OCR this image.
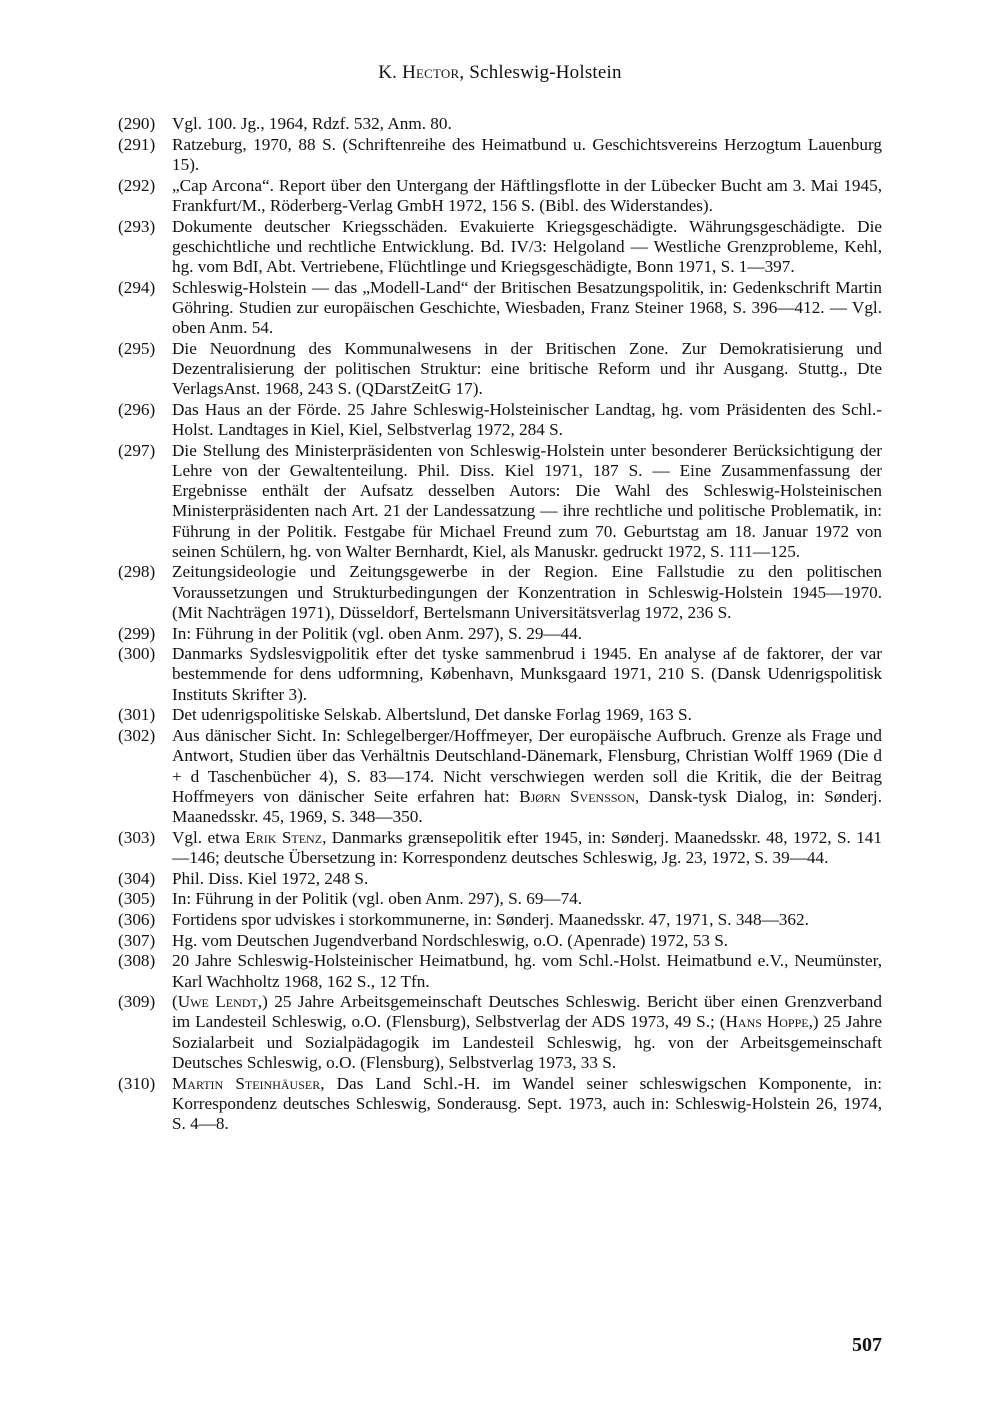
K. Hector, Schleswig-Holstein
(290) Vgl. 100. Jg., 1964, Rdzf. 532, Anm. 80.
(291) Ratzeburg, 1970, 88 S. (Schriftenreihe des Heimatbund u. Geschichtsvereins Herzogtum Lauenburg 15).
(292) „Cap Arcona“. Report über den Untergang der Häftlingsflotte in der Lübecker Bucht am 3. Mai 1945, Frankfurt/M., Röderberg-Verlag GmbH 1972, 156 S. (Bibl. des Widerstandes).
(293) Dokumente deutscher Kriegsschäden. Evakuierte Kriegsgeschädigte. Währungsgeschädigte. Die geschichtliche und rechtliche Entwicklung. Bd. IV/3: Helgoland — Westliche Grenzprobleme, Kehl, hg. vom BdI, Abt. Vertriebene, Flüchtlinge und Kriegsgeschädigte, Bonn 1971, S. 1—397.
(294) Schleswig-Holstein — das „Modell-Land“ der Britischen Besatzungspolitik, in: Gedenkschrift Martin Göhring. Studien zur europäischen Geschichte, Wiesbaden, Franz Steiner 1968, S. 396—412. — Vgl. oben Anm. 54.
(295) Die Neuordnung des Kommunalwesens in der Britischen Zone. Zur Demokratisierung und Dezentralisierung der politischen Struktur: eine britische Reform und ihr Ausgang. Stuttg., Dte VerlagsAnst. 1968, 243 S. (QDarstZeitG 17).
(296) Das Haus an der Förde. 25 Jahre Schleswig-Holsteinischer Landtag, hg. vom Präsidenten des Schl.-Holst. Landtages in Kiel, Kiel, Selbstverlag 1972, 284 S.
(297) Die Stellung des Ministerpräsidenten von Schleswig-Holstein unter besonderer Berücksichtigung der Lehre von der Gewaltenteilung. Phil. Diss. Kiel 1971, 187 S. — Eine Zusammenfassung der Ergebnisse enthält der Aufsatz desselben Autors: Die Wahl des Schleswig-Holsteinischen Ministerpräsidenten nach Art. 21 der Landessatzung — ihre rechtliche und politische Problematik, in: Führung in der Politik. Festgabe für Michael Freund zum 70. Geburtstag am 18. Januar 1972 von seinen Schülern, hg. von Walter Bernhardt, Kiel, als Manuskr. gedruckt 1972, S. 111—125.
(298) Zeitungsideologie und Zeitungsgewerbe in der Region. Eine Fallstudie zu den politischen Voraussetzungen und Strukturbedingungen der Konzentration in Schleswig-Holstein 1945—1970. (Mit Nachträgen 1971), Düsseldorf, Bertelsmann Universitätsverlag 1972, 236 S.
(299) In: Führung in der Politik (vgl. oben Anm. 297), S. 29—44.
(300) Danmarks Sydslesvigpolitik efter det tyske sammenbrud i 1945. En analyse af de faktorer, der var bestemmende for dens udformning, København, Munksgaard 1971, 210 S. (Dansk Udenrigspolitisk Instituts Skrifter 3).
(301) Det udenrigspolitiske Selskab. Albertslund, Det danske Forlag 1969, 163 S.
(302) Aus dänischer Sicht. In: Schlegelberger/Hoffmeyer, Der europäische Aufbruch. Grenze als Frage und Antwort, Studien über das Verhältnis Deutschland-Dänemark, Flensburg, Christian Wolff 1969 (Die d + d Taschenbücher 4), S. 83—174. Nicht verschwiegen werden soll die Kritik, die der Beitrag Hoffmeyers von dänischer Seite erfahren hat: Bjørn Svensson, Dansk-tysk Dialog, in: Sønderj. Maanedsskr. 45, 1969, S. 348—350.
(303) Vgl. etwa Erik Stenz, Danmarks grænsepolitik efter 1945, in: Sønderj. Maanedsskr. 48, 1972, S. 141—146; deutsche Übersetzung in: Korrespondenz deutsches Schleswig, Jg. 23, 1972, S. 39—44.
(304) Phil. Diss. Kiel 1972, 248 S.
(305) In: Führung in der Politik (vgl. oben Anm. 297), S. 69—74.
(306) Fortidens spor udviskes i storkommunerne, in: Sønderj. Maanedsskr. 47, 1971, S. 348—362.
(307) Hg. vom Deutschen Jugendverband Nordschleswig, o.O. (Apenrade) 1972, 53 S.
(308) 20 Jahre Schleswig-Holsteinischer Heimatbund, hg. vom Schl.-Holst. Heimatbund e.V., Neumünster, Karl Wachholtz 1968, 162 S., 12 Tfn.
(309) (Uwe Lendt,) 25 Jahre Arbeitsgemeinschaft Deutsches Schleswig. Bericht über einen Grenzverband im Landesteil Schleswig, o.O. (Flensburg), Selbstverlag der ADS 1973, 49 S.; (Hans Hoppe,) 25 Jahre Sozialarbeit und Sozialpädagogik im Landesteil Schleswig, hg. von der Arbeitsgemeinschaft Deutsches Schleswig, o.O. (Flensburg), Selbstverlag 1973, 33 S.
(310) Martin Steinhäuser, Das Land Schl.-H. im Wandel seiner schleswigschen Komponente, in: Korrespondenz deutsches Schleswig, Sonderausg. Sept. 1973, auch in: Schleswig-Holstein 26, 1974, S. 4—8.
507
